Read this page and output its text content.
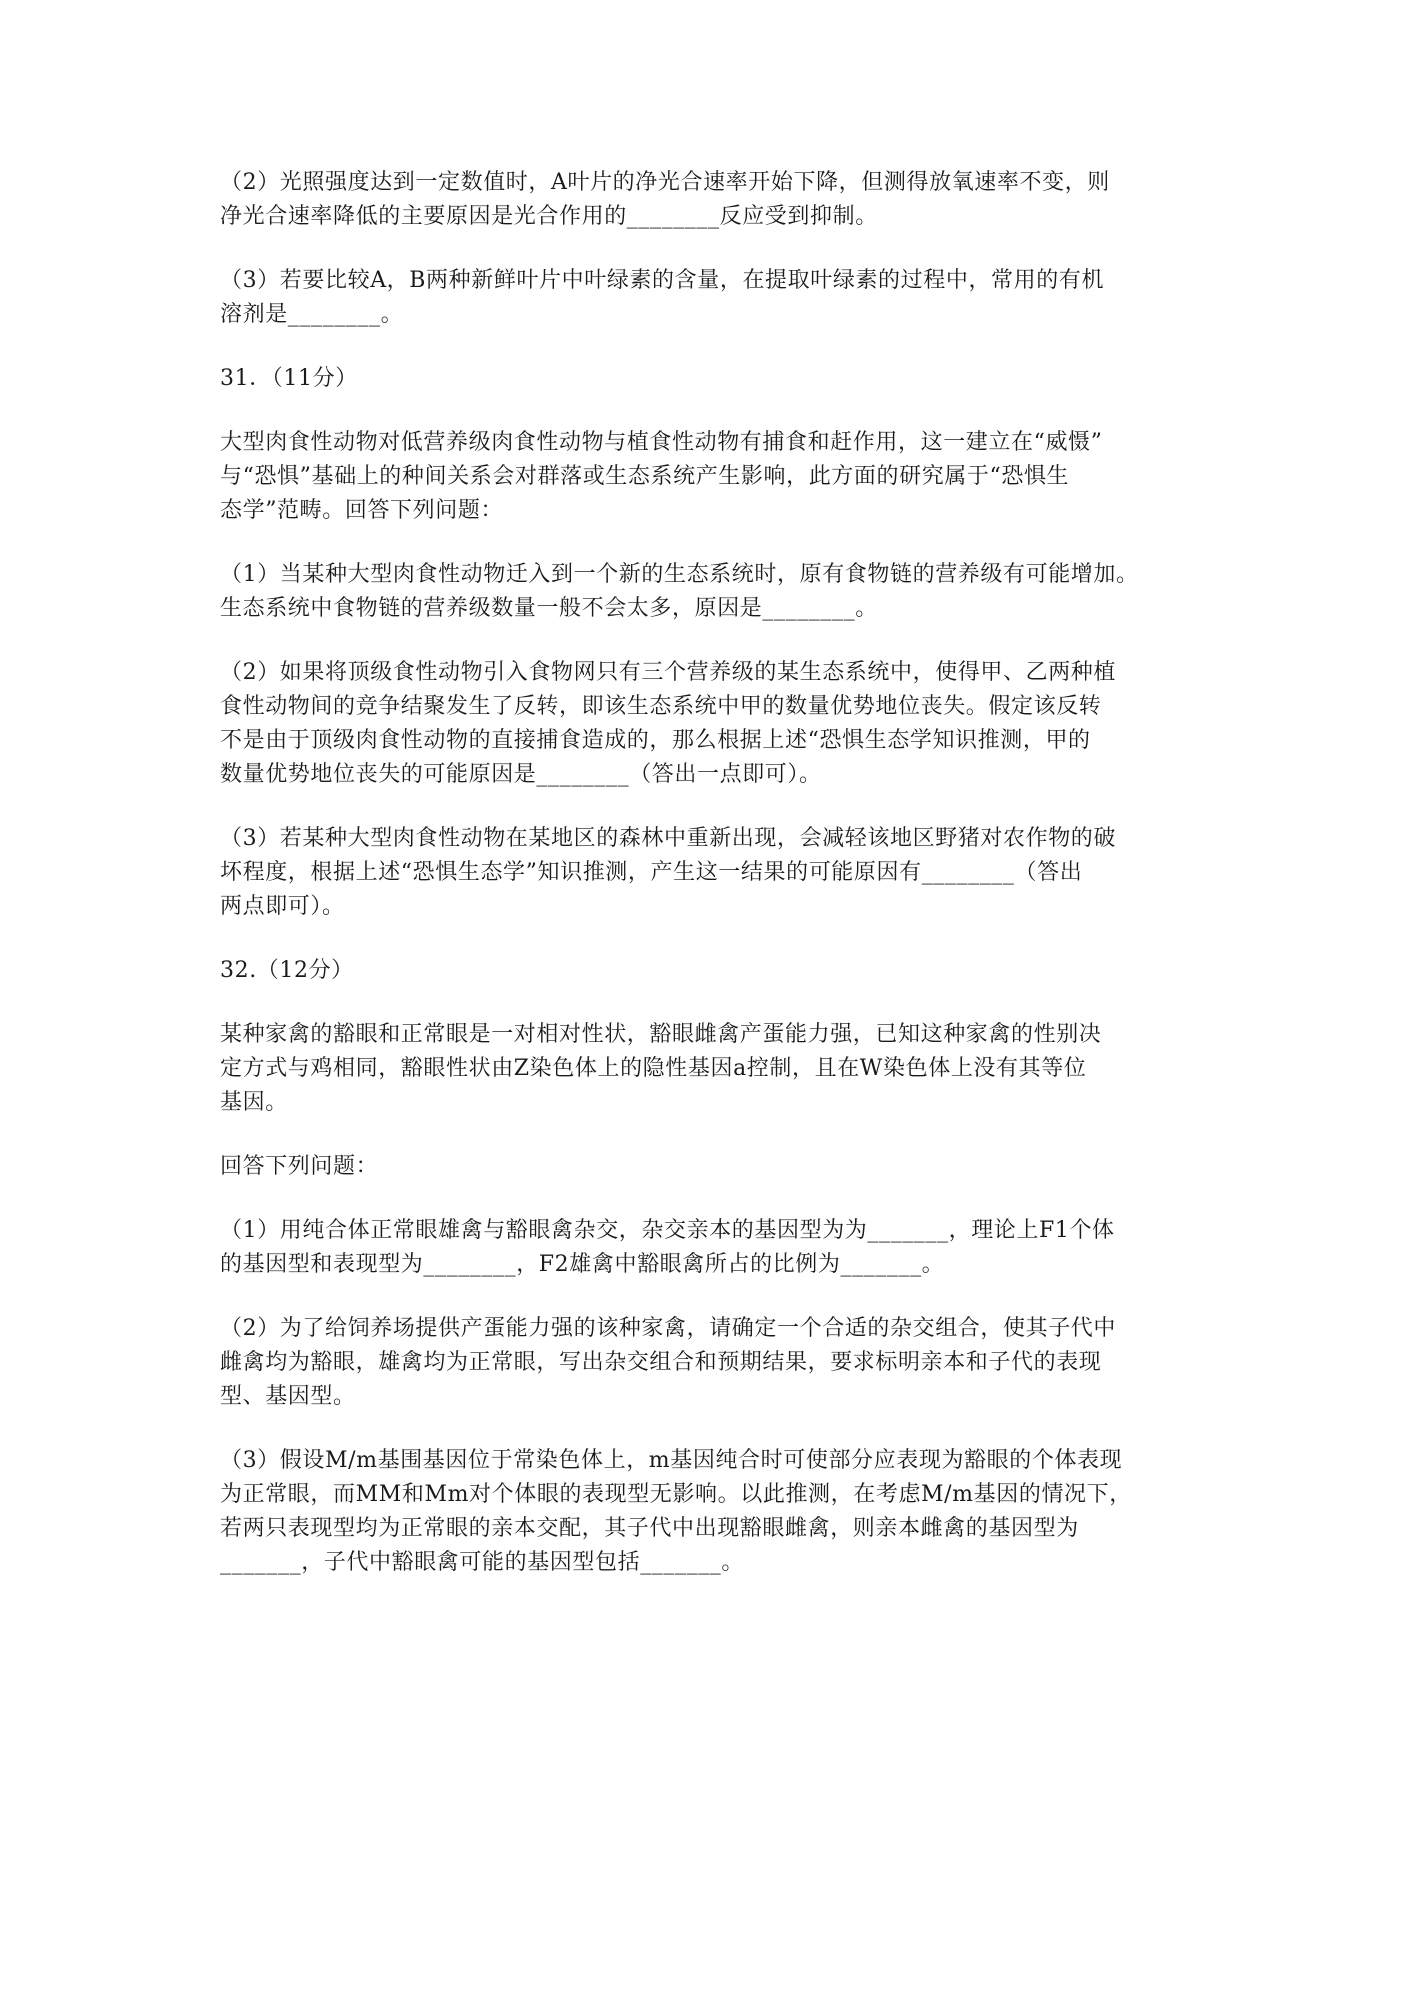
（2）光照强度达到一定数值时，A叶片的净光合速率开始下降，但测得放氧速率不变，则
净光合速率降低的主要原因是光合作用的________反应受到抑制。

（3）若要比较A，B两种新鲜叶片中叶绿素的含量，在提取叶绿素的过程中，常用的有机
溶剂是________。

31．（11分）

大型肉食性动物对低营养级肉食性动物与植食性动物有捕食和赶作用，这一建立在“威慑”
与“恐惧”基础上的种间关系会对群落或生态系统产生影响，此方面的研究属于“恐惧生
态学”范畴。回答下列问题：

（1）当某种大型肉食性动物迁入到一个新的生态系统时，原有食物链的营养级有可能增加。
生态系统中食物链的营养级数量一般不会太多，原因是________。

（2）如果将顶级食性动物引入食物网只有三个营养级的某生态系统中，使得甲、乙两种植
食性动物间的竞争结聚发生了反转，即该生态系统中甲的数量优势地位丧失。假定该反转
不是由于顶级肉食性动物的直接捕食造成的，那么根据上述“恐惧生态学知识推测，甲的
数量优势地位丧失的可能原因是________（答出一点即可）。

（3）若某种大型肉食性动物在某地区的森林中重新出现，会减轻该地区野猪对农作物的破
坏程度，根据上述“恐惧生态学”知识推测，产生这一结果的可能原因有________（答出
两点即可）。

32.（12分）

某种家禽的豁眼和正常眼是一对相对性状，豁眼雌禽产蛋能力强，已知这种家禽的性别决
定方式与鸡相同，豁眼性状由Z染色体上的隐性基因a控制，且在W染色体上没有其等位
基因。

回答下列问题：

（1）用纯合体正常眼雄禽与豁眼禽杂交，杂交亲本的基因型为为_______，理论上F1个体
的基因型和表现型为________，F2雄禽中豁眼禽所占的比例为_______。

（2）为了给饲养场提供产蛋能力强的该种家禽，请确定一个合适的杂交组合，使其子代中
雌禽均为豁眼，雄禽均为正常眼，写出杂交组合和预期结果，要求标明亲本和子代的表现
型、基因型。

（3）假设M/m基围基因位于常染色体上，m基因纯合时可使部分应表现为豁眼的个体表现
为正常眼，而MM和Mm对个体眼的表现型无影响。以此推测，在考虑M/m基因的情况下，
若两只表现型均为正常眼的亲本交配，其子代中出现豁眼雌禽，则亲本雌禽的基因型为
_______，子代中豁眼禽可能的基因型包括_______。
